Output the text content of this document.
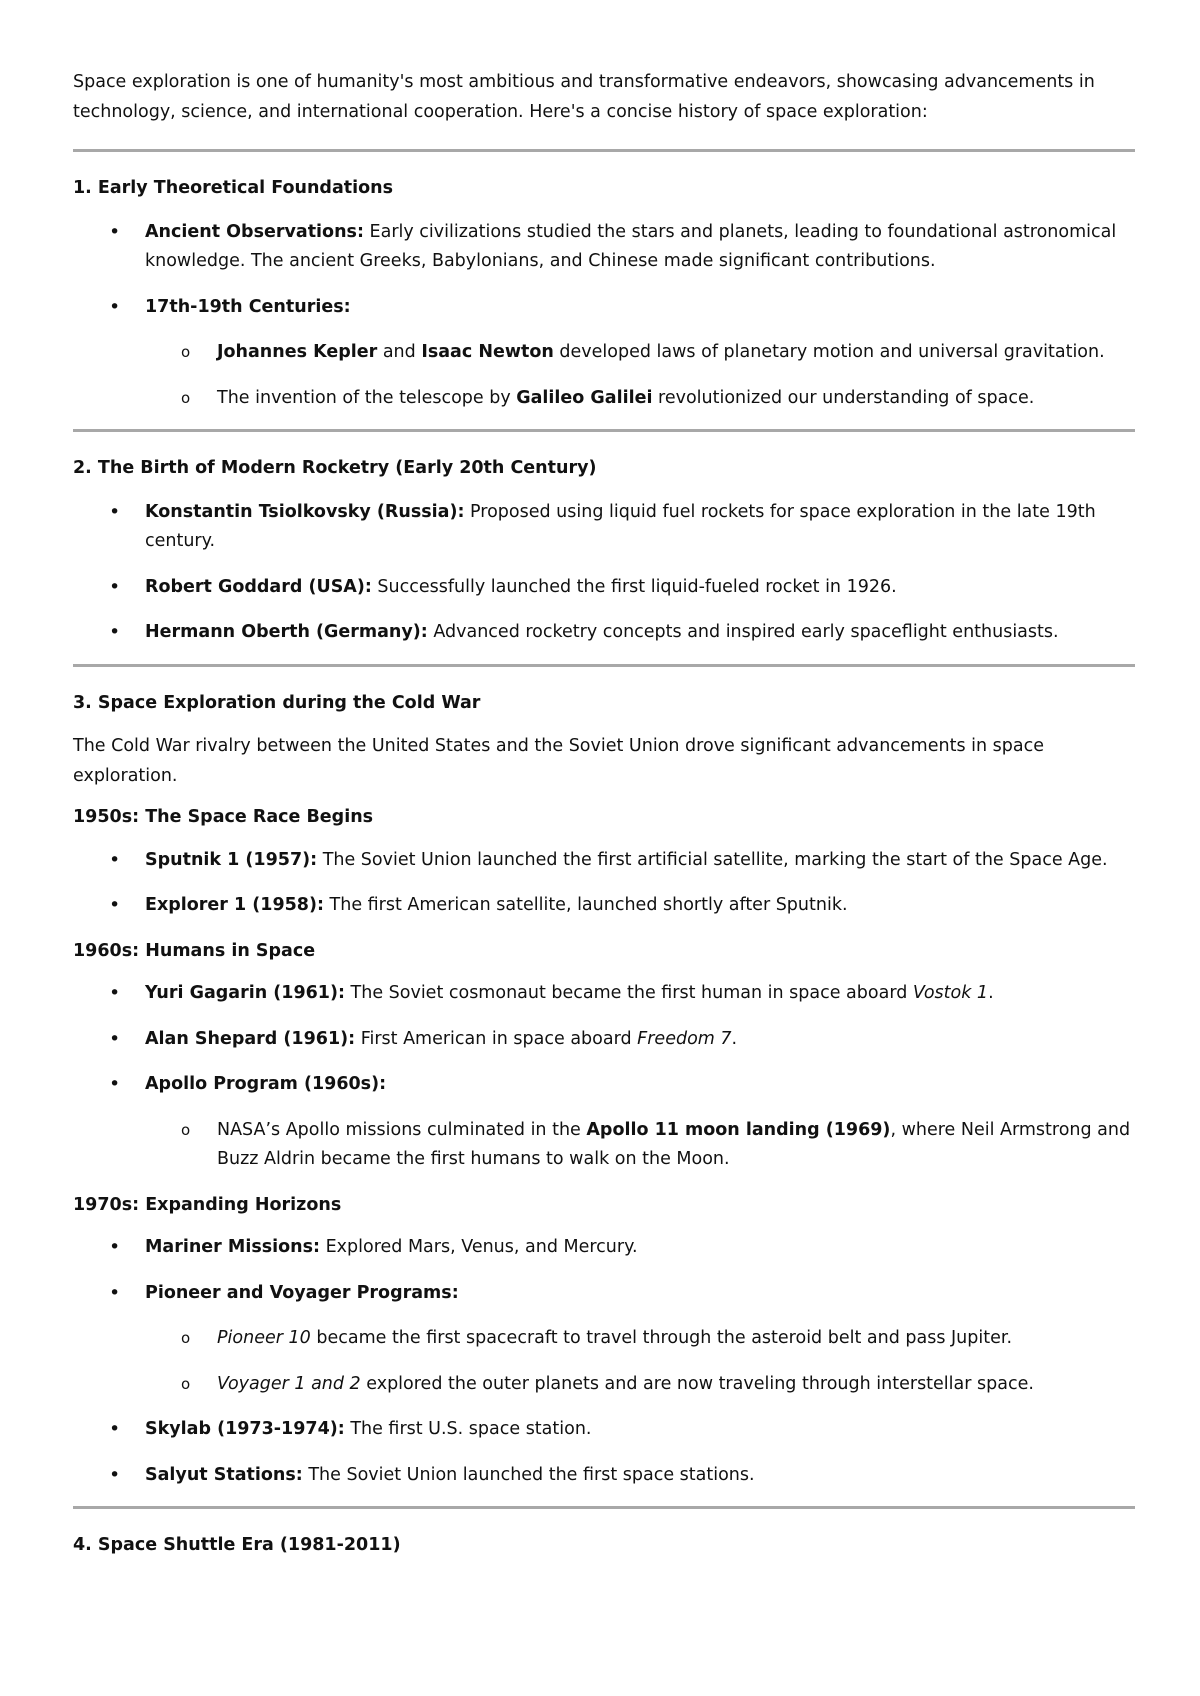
Space exploration is one of humanity's most ambitious and transformative endeavors, showcasing advancements in technology, science, and international cooperation. Here's a concise history of space exploration:

1. Early Theoretical Foundations

• Ancient Observations: Early civilizations studied the stars and planets, leading to foundational astronomical knowledge. The ancient Greeks, Babylonians, and Chinese made significant contributions.
• 17th-19th Centuries:
o Johannes Kepler and Isaac Newton developed laws of planetary motion and universal gravitation.
o The invention of the telescope by Galileo Galilei revolutionized our understanding of space.

2. The Birth of Modern Rocketry (Early 20th Century)

• Konstantin Tsiolkovsky (Russia): Proposed using liquid fuel rockets for space exploration in the late 19th century.
• Robert Goddard (USA): Successfully launched the first liquid-fueled rocket in 1926.
• Hermann Oberth (Germany): Advanced rocketry concepts and inspired early spaceflight enthusiasts.

3. Space Exploration during the Cold War

The Cold War rivalry between the United States and the Soviet Union drove significant advancements in space exploration.

1950s: The Space Race Begins

• Sputnik 1 (1957): The Soviet Union launched the first artificial satellite, marking the start of the Space Age.
• Explorer 1 (1958): The first American satellite, launched shortly after Sputnik.

1960s: Humans in Space

• Yuri Gagarin (1961): The Soviet cosmonaut became the first human in space aboard Vostok 1.
• Alan Shepard (1961): First American in space aboard Freedom 7.
• Apollo Program (1960s):
o NASA’s Apollo missions culminated in the Apollo 11 moon landing (1969), where Neil Armstrong and Buzz Aldrin became the first humans to walk on the Moon.

1970s: Expanding Horizons

• Mariner Missions: Explored Mars, Venus, and Mercury.
• Pioneer and Voyager Programs:
o Pioneer 10 became the first spacecraft to travel through the asteroid belt and pass Jupiter.
o Voyager 1 and 2 explored the outer planets and are now traveling through interstellar space.
• Skylab (1973-1974): The first U.S. space station.
• Salyut Stations: The Soviet Union launched the first space stations.

4. Space Shuttle Era (1981-2011)
